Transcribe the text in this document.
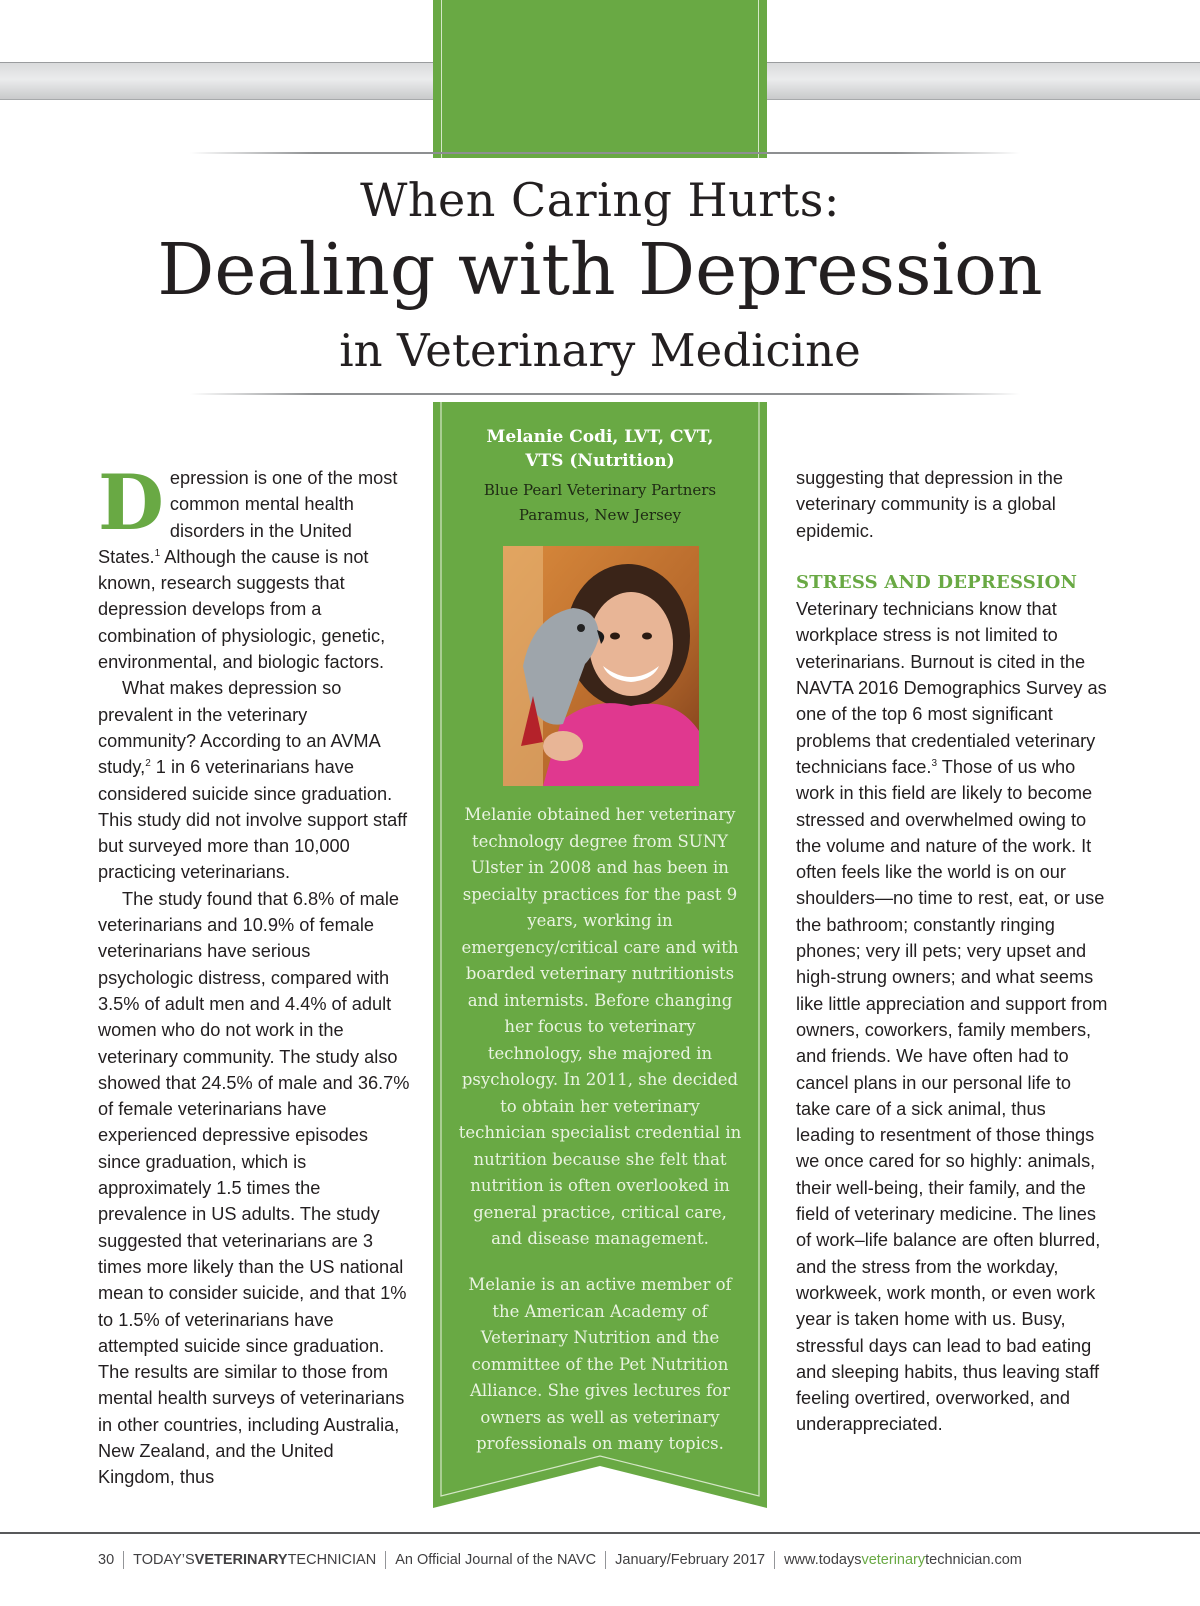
When Caring Hurts:
Dealing with Depression
in Veterinary Medicine
D epression is one of the most common mental health disorders in the United States.$^1$ Although the cause is not known, research suggests that depression develops from a combination of physiologic, genetic, environmental, and biologic factors.

What makes depression so prevalent in the veterinary community? According to an AVMA study,$^2$ 1 in 6 veterinarians have considered suicide since graduation. This study did not involve support staff but surveyed more than 10,000 practicing veterinarians.

The study found that 6.8% of male veterinarians and 10.9% of female veterinarians have serious psychologic distress, compared with 3.5% of adult men and 4.4% of adult women who do not work in the veterinary community. The study also showed that 24.5% of male and 36.7% of female veterinarians have experienced depressive episodes since graduation, which is approximately 1.5 times the prevalence in US adults. The study suggested that veterinarians are 3 times more likely than the US national mean to consider suicide, and that 1% to 1.5% of veterinarians have attempted suicide since graduation. The results are similar to those from mental health surveys of veterinarians in other countries, including Australia, New Zealand, and the United Kingdom, thus

Melanie Codi, LVT, CVT,
VTS (Nutrition)
Blue Pearl Veterinary Partners
Paramus, New Jersey
Melanie obtained her veterinary technology degree from SUNY Ulster in 2008 and has been in specialty practices for the past 9 years, working in emergency/critical care and with boarded veterinary nutritionists and internists. Before changing her focus to veterinary technology, she majored in psychology. In 2011, she decided to obtain her veterinary technician specialist credential in nutrition because she felt that nutrition is often overlooked in general practice, critical care, and disease management.
Melanie is an active member of the American Academy of Veterinary Nutrition and the committee of the Pet Nutrition Alliance. She gives lectures for owners as well as veterinary professionals on many topics.

suggesting that depression in the veterinary community is a global epidemic.

STRESS AND DEPRESSION

Veterinary technicians know that workplace stress is not limited to veterinarians. Burnout is cited in the NAVTA 2016 Demographics Survey as one of the top 6 most significant problems that credentialed veterinary technicians face.$^3$ Those of us who work in this field are likely to become stressed and overwhelmed owing to the volume and nature of the work. It often feels like the world is on our shoulders—no time to rest, eat, or use the bathroom; constantly ringing phones; very ill pets; very upset and high-strung owners; and what seems like little appreciation and support from owners, coworkers, family members, and friends. We have often had to cancel plans in our personal life to take care of a sick animal, thus leading to resentment of those things we once cared for so highly: animals, their well-being, their family, and the field of veterinary medicine. The lines of work–life balance are often blurred, and the stress from the workday, workweek, work month, or even work year is taken home with us. Busy, stressful days can lead to bad eating and sleeping habits, thus leaving staff feeling overtired, overworked, and underappreciated.

30 TODAY’SVETERINARYTECHNICIAN An Official Journal of the NAVC January/February 2017 www.todaysveterinarytechnician.com
